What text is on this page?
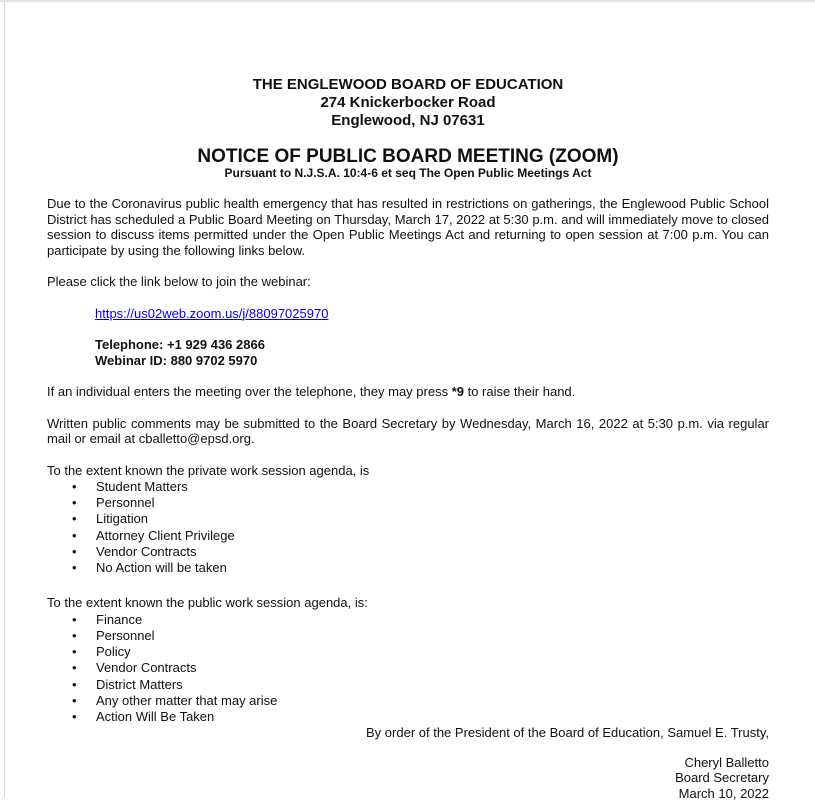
THE ENGLEWOOD BOARD OF EDUCATION
274 Knickerbocker Road
Englewood, NJ 07631
NOTICE OF PUBLIC BOARD MEETING (ZOOM)
Pursuant to N.J.S.A. 10:4-6 et seq The Open Public Meetings Act
Due to the Coronavirus public health emergency that has resulted in restrictions on gatherings, the Englewood Public School District has scheduled a Public Board Meeting on Thursday, March 17, 2022 at 5:30 p.m. and will immediately move to closed session to discuss items permitted under the Open Public Meetings Act and returning to open session at 7:00 p.m. You can participate by using the following links below.
Please click the link below to join the webinar:
https://us02web.zoom.us/j/88097025970
Telephone: +1 929 436 2866
Webinar ID: 880 9702 5970
If an individual enters the meeting over the telephone, they may press *9 to raise their hand.
Written public comments may be submitted to the Board Secretary by Wednesday, March 16, 2022 at 5:30 p.m. via regular mail or email at cballetto@epsd.org.
To the extent known the private work session agenda, is
•	Student Matters
•	Personnel
•	Litigation
•	Attorney Client Privilege
•	Vendor Contracts
•	No Action will be taken
To the extent known the public work session agenda, is:
•	Finance
•	Personnel
•	Policy
•	Vendor Contracts
•	District Matters
•	Any other matter that may arise
•	Action Will Be Taken
By order of the President of the Board of Education, Samuel E. Trusty,
Cheryl Balletto
Board Secretary
March 10, 2022
